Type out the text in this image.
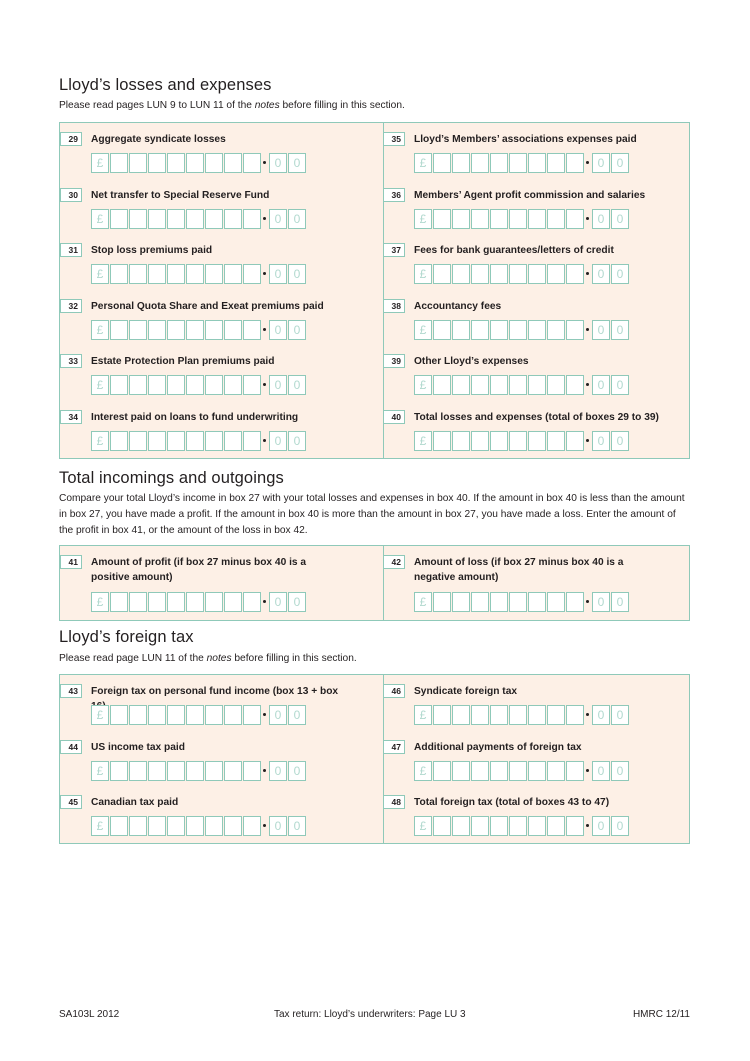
Lloyd’s losses and expenses

Please read pages LUN 9 to LUN 11 of the notes before filling in this section.

29	Aggregate syndicate losses
£	0	0
30	Net transfer to Special Reserve Fund
£	0	0
31	Stop loss premiums paid
£	0	0
32	Personal Quota Share and Exeat premiums paid
£	0	0
33	Estate Protection Plan premiums paid
£	0	0
34	Interest paid on loans to fund underwriting
£	0	0
35	Lloyd’s Members’ associations expenses paid
£	0	0
36	Members’ Agent profit commission and salaries
£	0	0
37	Fees for bank guarantees/letters of credit
£	0	0
38	Accountancy fees
£	0	0
39	Other Lloyd’s expenses
£	0	0
40	Total losses and expenses (total of boxes 29 to 39)
£	0	0
Total incomings and outgoings

Compare your total Lloyd’s income in box 27 with your total losses and expenses in box 40. If the amount in box 40 is less than the amount in box 27, you have made a profit. If the amount in box 40 is more than the amount in box 27, you have made a loss. Enter the amount of the profit in box 41, or the amount of the loss in box 42.

41	Amount of profit (if box 27 minus box 40 is a positive amount)
£	0	0
42	Amount of loss (if box 27 minus box 40 is a negative amount)
£	0	0
Lloyd’s foreign tax

Please read page LUN 11 of the notes before filling in this section.

43	Foreign tax on personal fund income (box 13 + box
£	0	0
44	US income tax paid
£	0	0
45	Canadian tax paid
£	0	0
46	Syndicate foreign tax
£	0	0
47	Additional payments of foreign tax
£	0	0
48	Total foreign tax (total of boxes 43 to 47)
£	0	0
SA103L 2012	Tax return: Lloyd’s underwriters: Page LU 3	HMRC 12/11
